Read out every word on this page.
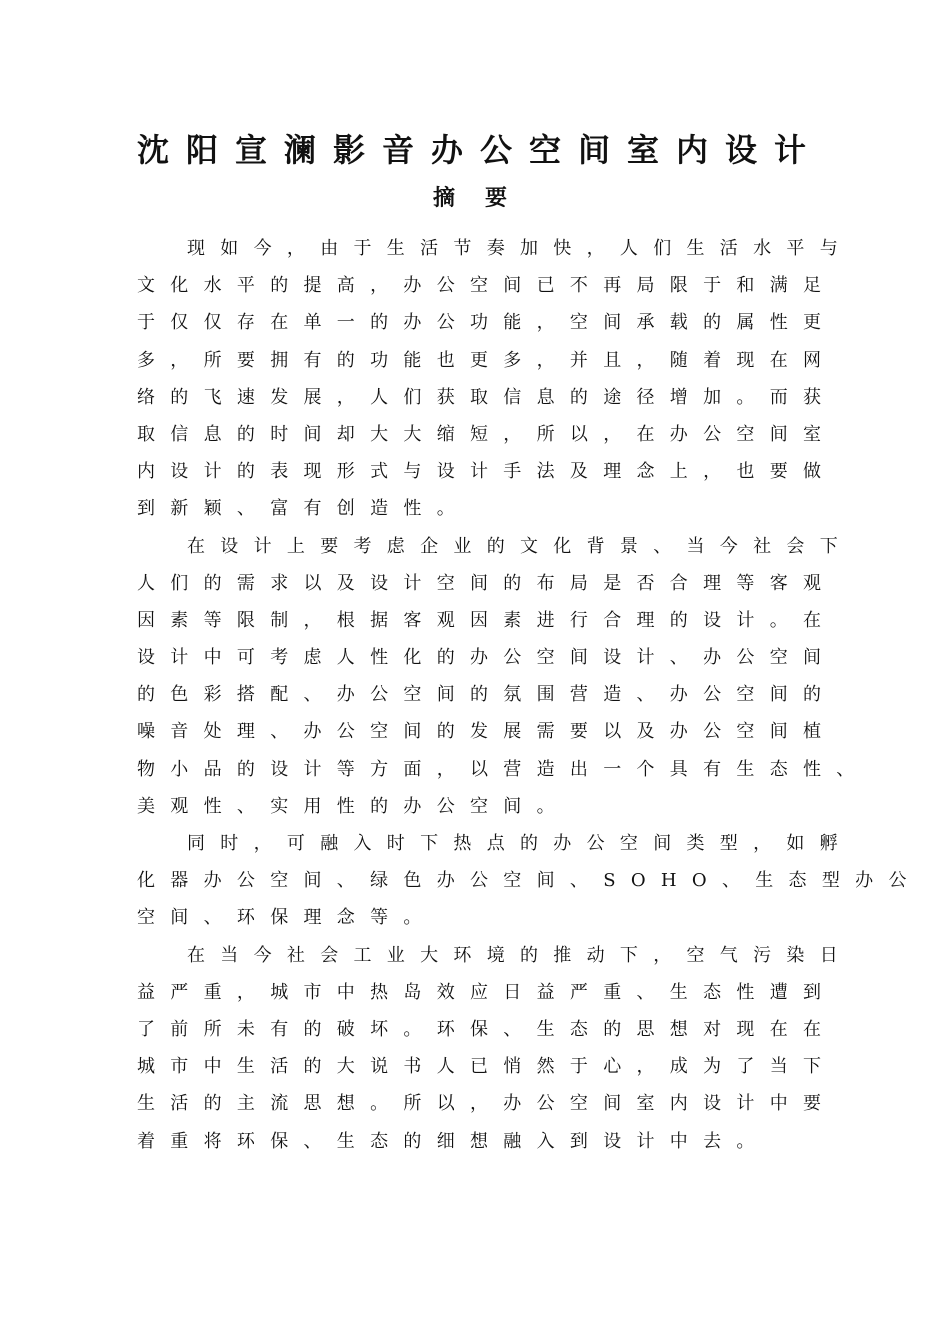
沈阳宣澜影音办公空间室内设计
摘要
现如今，由于生活节奏加快，人们生活水平与
文化水平的提高，办公空间已不再局限于和满足
于仅仅存在单一的办公功能，空间承载的属性更
多，所要拥有的功能也更多，并且，随着现在网
络的飞速发展，人们获取信息的途径增加。而获
取信息的时间却大大缩短，所以，在办公空间室
内设计的表现形式与设计手法及理念上，也要做
到新颖、富有创造性。
在设计上要考虑企业的文化背景、当今社会下
人们的需求以及设计空间的布局是否合理等客观
因素等限制，根据客观因素进行合理的设计。在
设计中可考虑人性化的办公空间设计、办公空间
的色彩搭配、办公空间的氛围营造、办公空间的
噪音处理、办公空间的发展需要以及办公空间植
物小品的设计等方面，以营造出一个具有生态性、
美观性、实用性的办公空间。
同时，可融入时下热点的办公空间类型，如孵
化器办公空间、绿色办公空间、SOHO、生态型办公
空间、环保理念等。
在当今社会工业大环境的推动下，空气污染日
益严重，城市中热岛效应日益严重、生态性遭到
了前所未有的破坏。环保、生态的思想对现在在
城市中生活的大说书人已悄然于心，成为了当下
生活的主流思想。所以，办公空间室内设计中要
着重将环保、生态的细想融入到设计中去。
